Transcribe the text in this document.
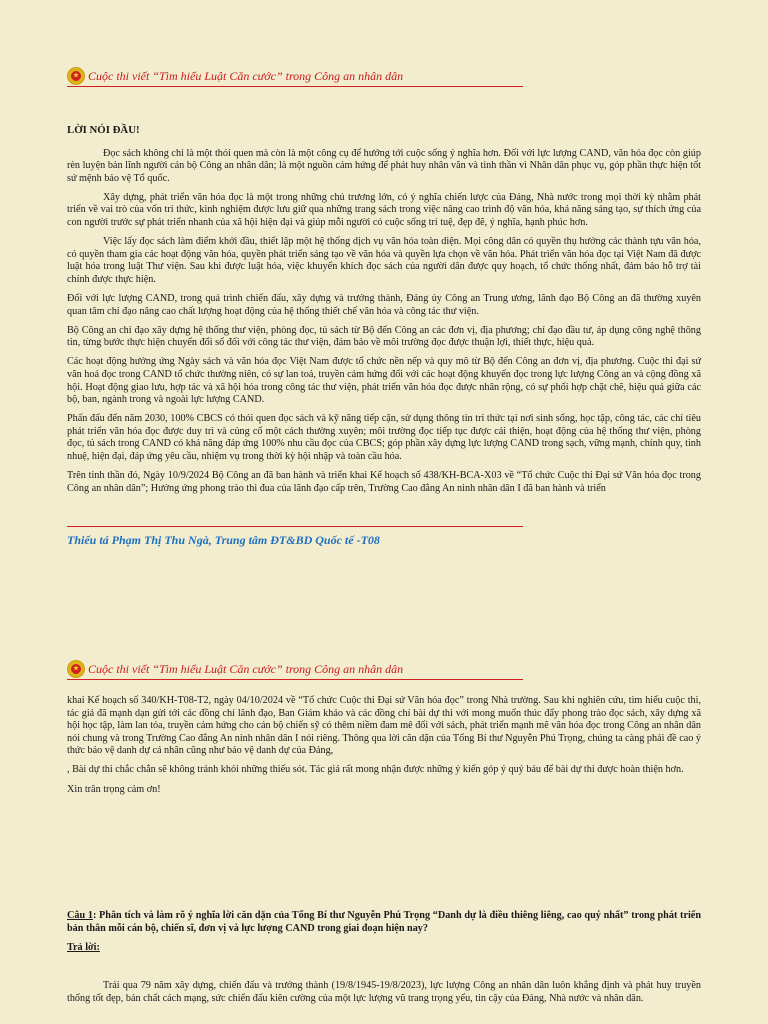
Cuộc thi viết “Tìm hiểu Luật Căn cước” trong Công an nhân dân

LỜI NÓI ĐẦU!

Đọc sách không chỉ là một thói quen mà còn là một công cụ để hướng tới cuộc sống ý nghĩa hơn. Đối với lực lượng CAND, văn hóa đọc còn giúp rèn luyện bản lĩnh người cán bộ Công an nhân dân; là một nguồn cảm hứng để phát huy nhân văn và tinh thần vì Nhân dân phục vụ, góp phần thực hiện tốt sứ mệnh bảo vệ Tổ quốc.

Xây dựng, phát triển văn hóa đọc là một trong những chủ trương lớn, có ý nghĩa chiến lược của Đảng, Nhà nước trong mọi thời kỳ nhằm phát triển về vai trò của vốn tri thức, kinh nghiệm được lưu giữ qua những trang sách trong việc nâng cao trình độ văn hóa, khả năng sáng tạo, sự thích ứng của con người trước sự phát triển nhanh của xã hội hiện đại và giúp mỗi người có cuộc sống trí tuệ, đẹp đẽ, ý nghĩa, hạnh phúc hơn.

Việc lấy đọc sách làm điểm khởi đầu, thiết lập một hệ thống dịch vụ văn hóa toàn diện. Mọi công dân có quyền thụ hưởng các thành tựu văn hóa, có quyền tham gia các hoạt động văn hóa, quyền phát triển sáng tạo về văn hóa và quyền lựa chọn về văn hóa. Phát triển văn hóa đọc tại Việt Nam đã được luật hóa trong luật Thư viện. Sau khi được luật hóa, việc khuyến khích đọc sách của người dân được quy hoạch, tổ chức thống nhất, đảm bảo hỗ trợ tài chính được thực hiện.

Đối với lực lượng CAND, trong quá trình chiến đấu, xây dựng và trưởng thành, Đảng ủy Công an Trung ương, lãnh đạo Bộ Công an đã thường xuyên quan tâm chỉ đạo nâng cao chất lượng hoạt động của hệ thống thiết chế văn hóa và công tác thư viện.

Bộ Công an chỉ đạo xây dựng hệ thống thư viện, phòng đọc, tủ sách từ Bộ đến Công an các đơn vị, địa phương; chỉ đạo đầu tư, áp dụng công nghệ thông tin, từng bước thực hiện chuyển đổi số đối với công tác thư viện, đảm bảo về môi trường đọc được thuận lợi, thiết thực, hiệu quả.

Các hoạt động hưởng ứng Ngày sách và văn hóa đọc Việt Nam được tổ chức nền nếp và quy mô từ Bộ đến Công an đơn vị, địa phương. Cuộc thi đại sứ văn hoá đọc trong CAND tổ chức thường niên, có sự lan toả, truyền cảm hứng đối với các hoạt động khuyến đọc trong lực lượng Công an và cộng đồng xã hội. Hoạt động giao lưu, hợp tác và xã hội hóa trong công tác thư viện, phát triển văn hóa đọc được nhân rộng, có sự phối hợp chặt chẽ, hiệu quả giữa các bộ, ban, ngành trong và ngoài lực lượng CAND.

Phấn đấu đến năm 2030, 100% CBCS có thói quen đọc sách và kỹ năng tiếp cận, sử dụng thông tin tri thức tại nơi sinh sống, học tập, công tác, các chỉ tiêu phát triển văn hóa đọc được duy trì và củng cố một cách thường xuyên; môi trường đọc tiếp tục được cải thiện, hoạt động của hệ thống thư viện, phòng đọc, tủ sách trong CAND có khả năng đáp ứng 100% nhu cầu đọc của CBCS; góp phần xây dựng lực lượng CAND trong sạch, vững mạnh, chính quy, tinh nhuệ, hiện đại, đáp ứng yêu cầu, nhiệm vụ trong thời kỳ hội nhập và toàn cầu hóa.

Trên tinh thần đó, Ngày 10/9/2024 Bộ Công an đã ban hành và triển khai Kế hoạch số 438/KH-BCA-X03 về “Tổ chức Cuộc thi Đại sứ Văn hóa đọc trong Công an nhân dân”; Hưởng ứng phong trào thi đua của lãnh đạo cấp trên, Trường Cao đẳng An ninh nhân dân I đã ban hành và triển

Thiếu tá Phạm Thị Thu Ngà, Trung tâm ĐT&BD Quốc tế -T08
Cuộc thi viết “Tìm hiểu Luật Căn cước” trong Công an nhân dân

khai Kế hoạch số 340/KH-T08-T2, ngày 04/10/2024 về “Tổ chức Cuộc thi Đại sứ Văn hóa đọc” trong Nhà trường. Sau khi nghiên cứu, tìm hiểu cuộc thi, tác giả đã mạnh dạn gửi tới các đồng chí lãnh đạo, Ban Giám khảo và các đồng chí bài dự thi với mong muốn thúc đẩy phong trào đọc sách, xây dựng xã hội học tập, làm lan tỏa, truyền cảm hứng cho cán bộ chiến sỹ có thêm niềm đam mê đối với sách, phát triển mạnh mẽ văn hóa đọc trong Công an nhân dân nói chung và trong Trường Cao đẳng An ninh nhân dân I nói riêng. Thông qua lời căn dặn của Tổng Bí thư Nguyễn Phú Trọng, chúng ta càng phải đề cao ý thức bảo vệ danh dự cá nhân cũng như bảo vệ danh dự của Đảng,

, Bài dự thi chắc chắn sẽ không tránh khỏi những thiếu sót. Tác giả rất mong nhận được những ý kiến góp ý quý báu để bài dự thi được hoàn thiện hơn.

Xin trân trọng cảm ơn!

Câu 1: Phân tích và làm rõ ý nghĩa lời căn dặn của Tổng Bí thư Nguyễn Phú Trọng “Danh dự là điều thiêng liêng, cao quý nhất” trong phát triển bản thân mỗi cán bộ, chiến sĩ, đơn vị và lực lượng CAND trong giai đoạn hiện nay?

Trả lời:

Trải qua 79 năm xây dựng, chiến đấu và trưởng thành (19/8/1945-19/8/2023), lực lượng Công an nhân dân luôn khẳng định và phát huy truyền thống tốt đẹp, bản chất cách mạng, sức chiến đấu kiên cường của một lực lượng vũ trang trọng yếu, tin cậy của Đảng, Nhà nước và nhân dân.
